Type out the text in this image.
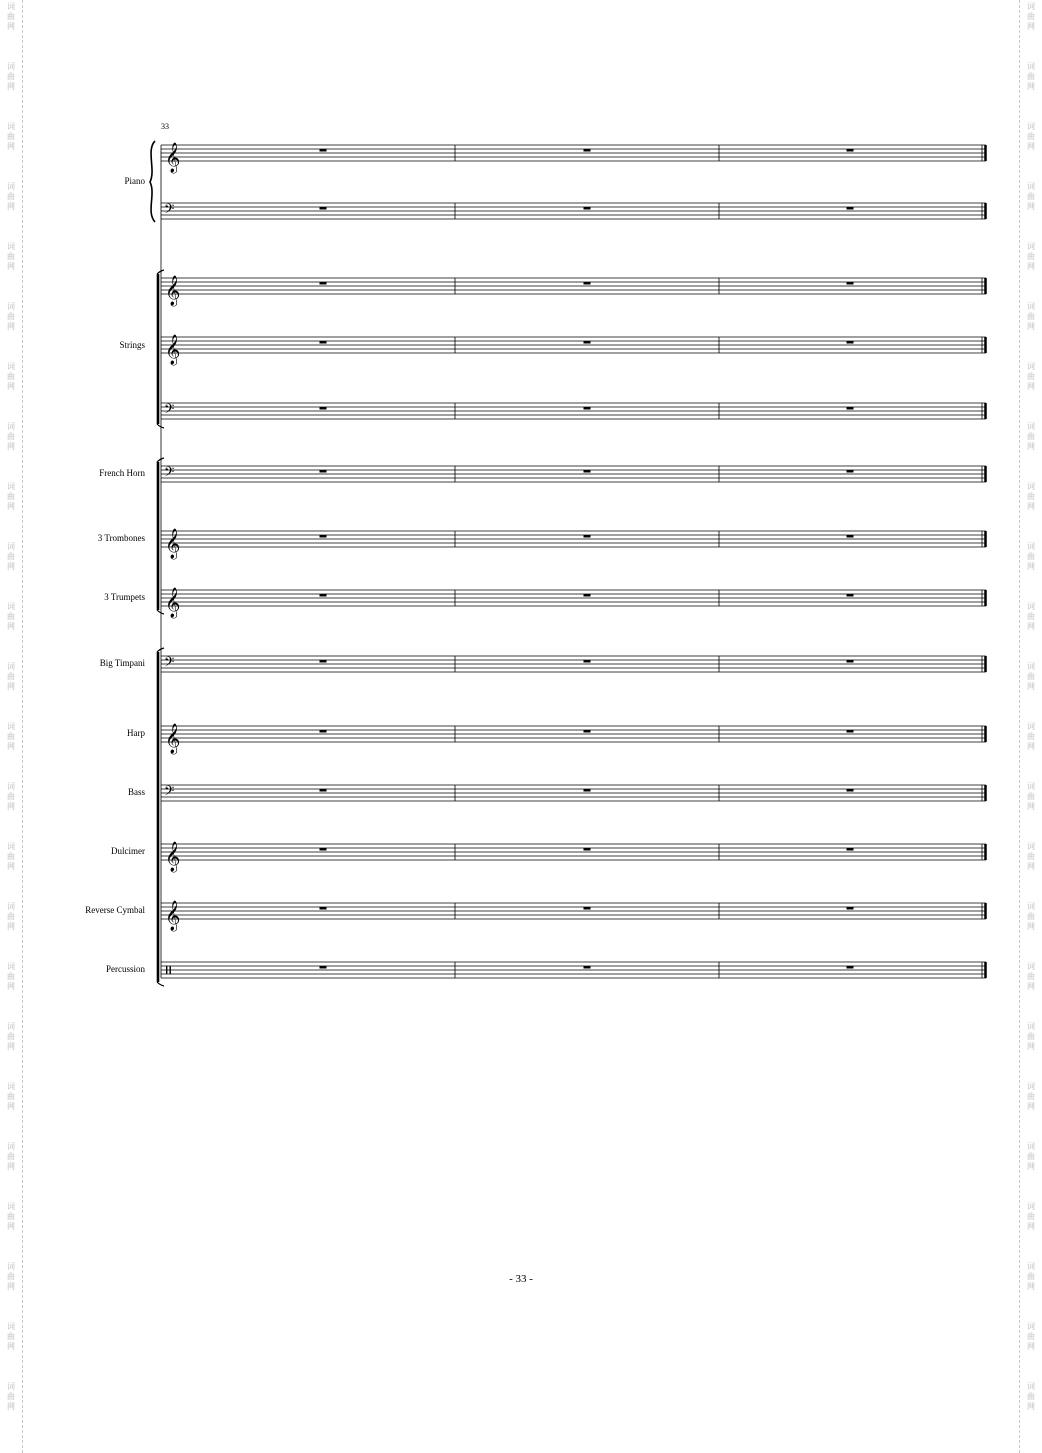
33
𝄞
𝄢
𝄞
𝄞
𝄢
𝄢
𝄞
𝄞
𝄢
𝄞
𝄢
𝄞
𝄞
Piano
Strings
French Horn
3 Trombones
3 Trumpets
Big Timpani
Harp
Bass
Dulcimer
Reverse Cymbal
Percussion
- 33 -
词
曲
网
词
曲
网
词
曲
网
词
曲
网
词
曲
网
词
曲
网
词
曲
网
词
曲
网
词
曲
网
词
曲
网
词
曲
网
词
曲
网
词
曲
网
词
曲
网
词
曲
网
词
曲
网
词
曲
网
词
曲
网
词
曲
网
词
曲
网
词
曲
网
词
曲
网
词
曲
网
词
曲
网
词
曲
网
词
曲
网
词
曲
网
词
曲
网
词
曲
网
词
曲
网
词
曲
网
词
曲
网
词
曲
网
词
曲
网
词
曲
网
词
曲
网
词
曲
网
词
曲
网
词
曲
网
词
曲
网
词
曲
网
词
曲
网
词
曲
网
词
曲
网
词
曲
网
词
曲
网
词
曲
网
词
曲
网
